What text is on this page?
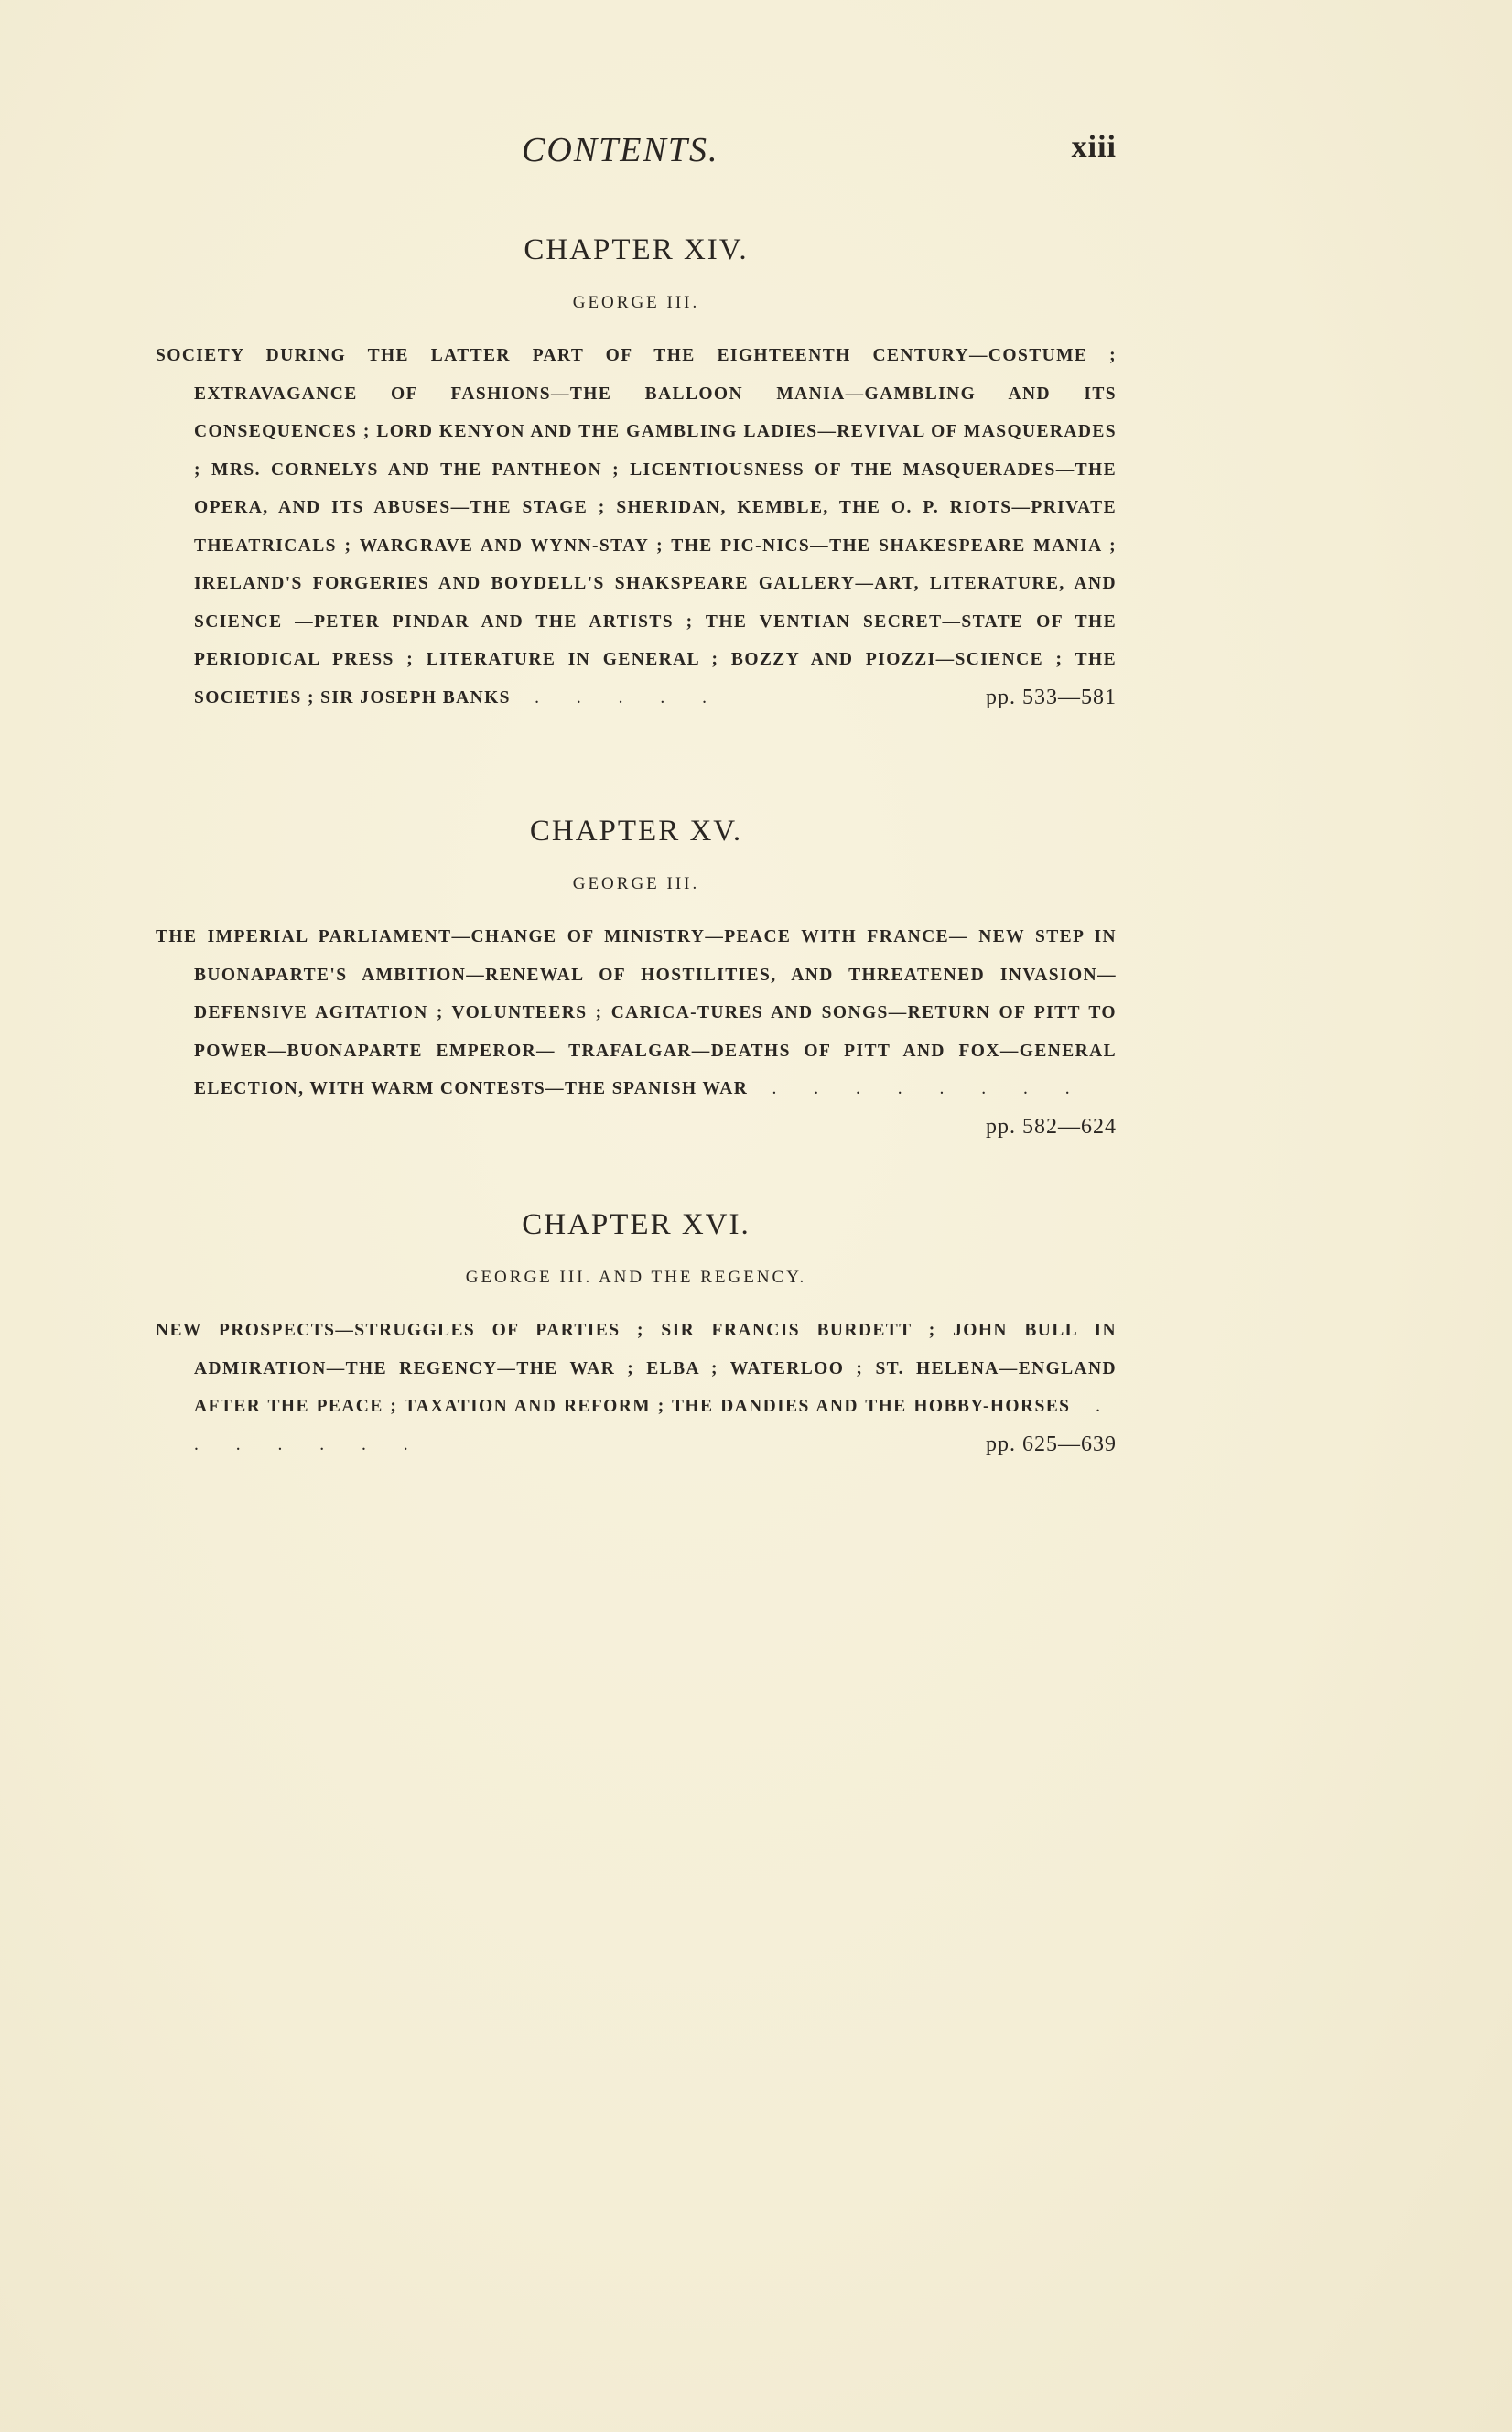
CONTENTS.	xiii
CHAPTER XIV.
GEORGE III.
SOCIETY DURING THE LATTER PART OF THE EIGHTEENTH CENTURY—COSTUME ; EXTRAVAGANCE OF FASHIONS—THE BALLOON MANIA—GAMBLING AND ITS CONSEQUENCES ; LORD KENYON AND THE GAMBLING LADIES—REVIVAL OF MASQUERADES ; MRS. CORNELYS AND THE PANTHEON ; LICENTIOUSNESS OF THE MASQUERADES—THE OPERA, AND ITS ABUSES—THE STAGE ; SHERIDAN, KEMBLE, THE O. P. RIOTS—PRIVATE THEATRICALS ; WARGRAVE AND WYNN-STAY ; THE PIC-NICS—THE SHAKESPEARE MANIA ; IRELAND'S FORGERIES AND BOYDELL'S SHAKSPEARE GALLERY—ART, LITERATURE, AND SCIENCE —PETER PINDAR AND THE ARTISTS ; THE VENTIAN SECRET—STATE OF THE PERIODICAL PRESS ; LITERATURE IN GENERAL ; BOZZY AND PIOZZI—SCIENCE ; THE SOCIETIES ; SIR JOSEPH BANKS . . . . .	pp. 533—581
CHAPTER XV.
GEORGE III.
THE IMPERIAL PARLIAMENT—CHANGE OF MINISTRY—PEACE WITH FRANCE— NEW STEP IN BUONAPARTE'S AMBITION—RENEWAL OF HOSTILITIES, AND THREATENED INVASION—DEFENSIVE AGITATION ; VOLUNTEERS ; CARICA-TURES AND SONGS—RETURN OF PITT TO POWER—BUONAPARTE EMPEROR— TRAFALGAR—DEATHS OF PITT AND FOX—GENERAL ELECTION, WITH WARM CONTESTS—THE SPANISH WAR . . . . . . . .
pp. 582—624
CHAPTER XVI.
GEORGE III. AND THE REGENCY.
NEW PROSPECTS—STRUGGLES OF PARTIES ; SIR FRANCIS BURDETT ; JOHN BULL IN ADMIRATION—THE REGENCY—THE WAR ; ELBA ; WATERLOO ; ST. HELENA—ENGLAND AFTER THE PEACE ; TAXATION AND REFORM ; THE DANDIES AND THE HOBBY-HORSES . . . . . . .	pp. 625—639
